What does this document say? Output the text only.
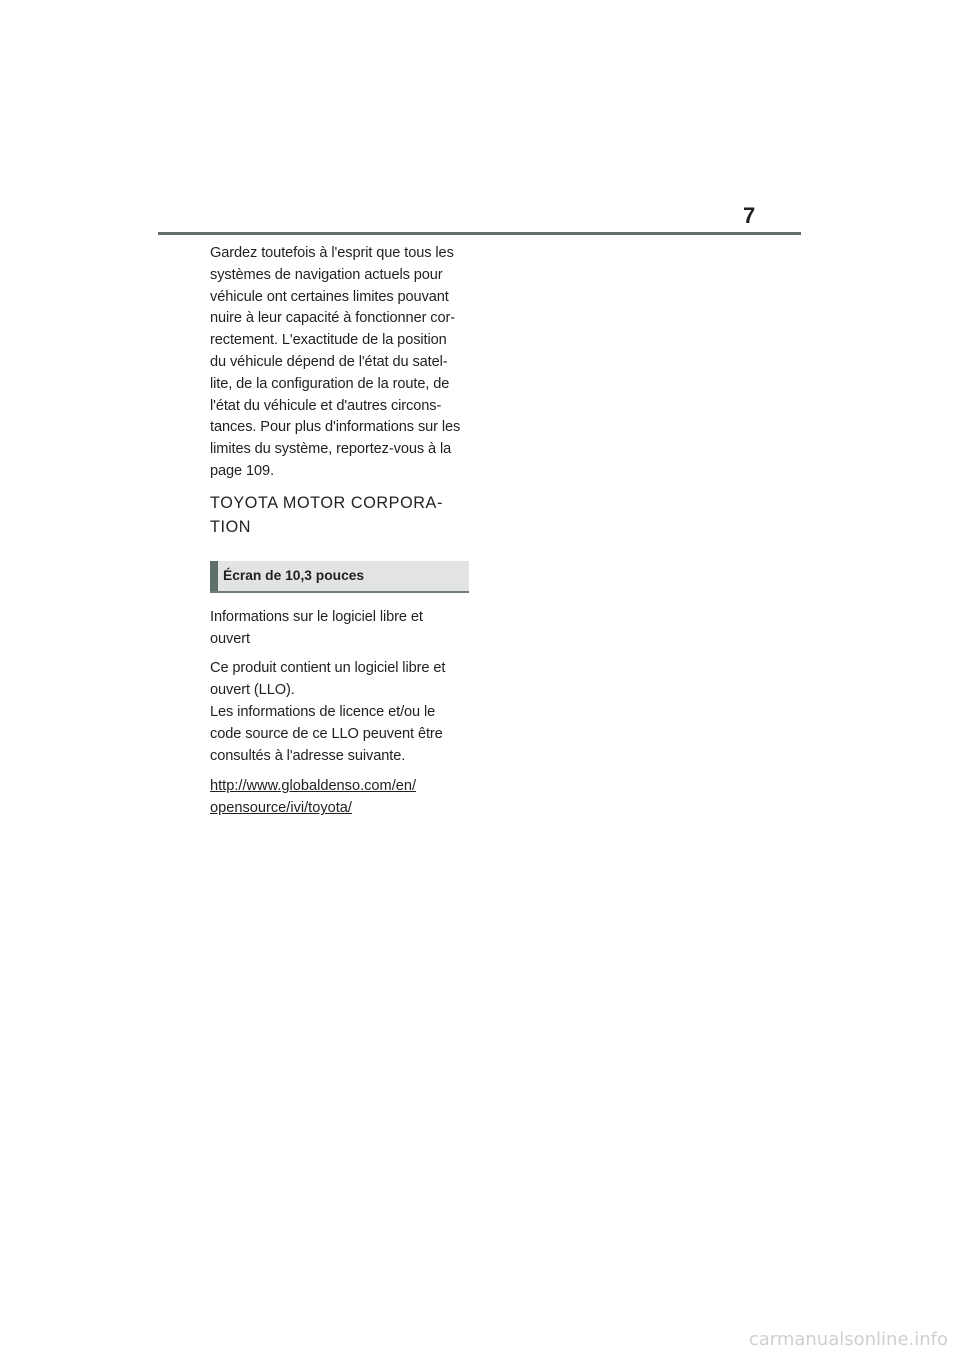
7

Gardez toutefois à l'esprit que tous les
systèmes de navigation actuels pour
véhicule ont certaines limites pouvant
nuire à leur capacité à fonctionner cor-
rectement. L'exactitude de la position
du véhicule dépend de l'état du satel-
lite, de la configuration de la route, de
l'état du véhicule et d'autres circons-
tances. Pour plus d'informations sur les
limites du système, reportez-vous à la
page 109.

TOYOTA MOTOR CORPORA-
TION

Écran de 10,3 pouces

Informations sur le logiciel libre et
ouvert

Ce produit contient un logiciel libre et
ouvert (LLO).
Les informations de licence et/ou le
code source de ce LLO peuvent être
consultés à l'adresse suivante.

http://www.globaldenso.com/en/
opensource/ivi/toyota/

carmanualsonline.info
